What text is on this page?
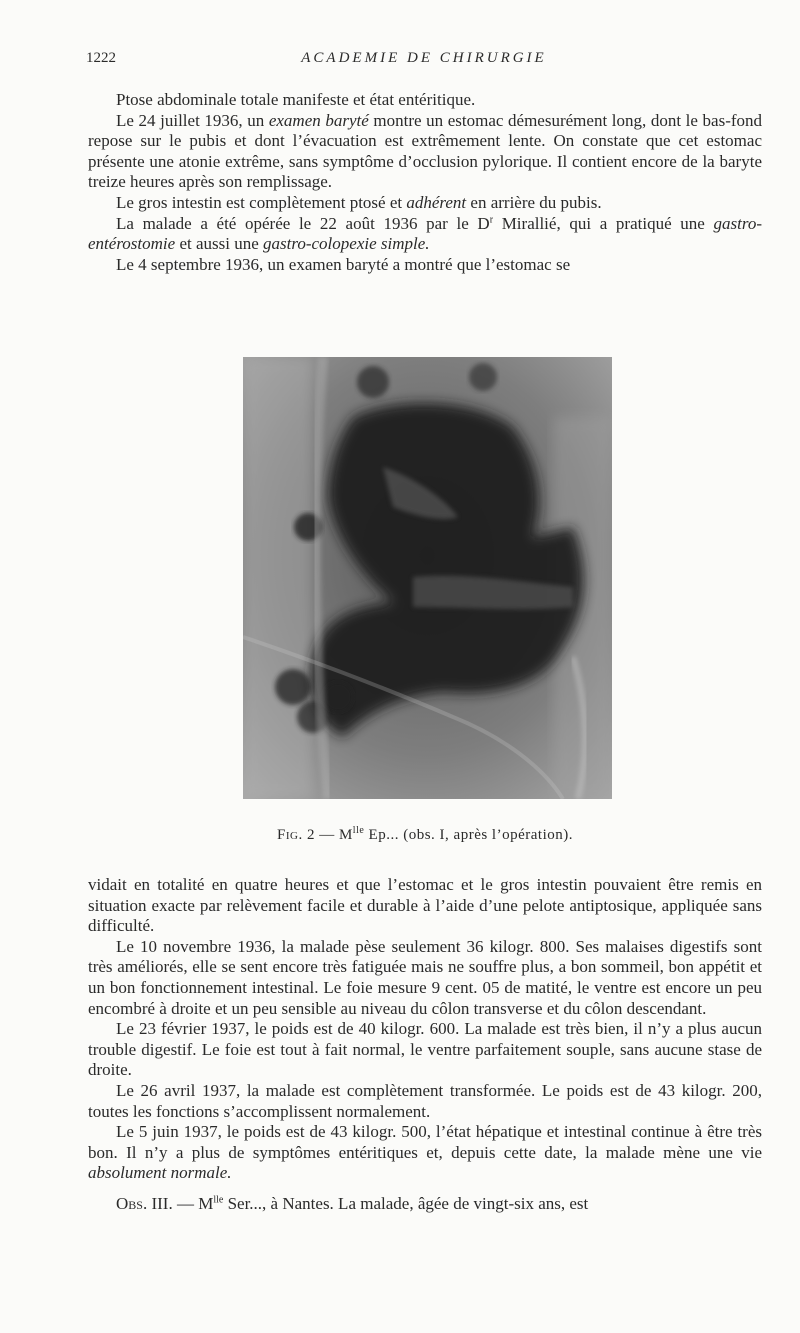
1222	ACADEMIE DE CHIRURGIE

Ptose abdominale totale manifeste et état entéritique.

Le 24 juillet 1936, un examen baryté montre un estomac démesurément long, dont le bas-fond repose sur le pubis et dont l’évacuation est extrêmement lente. On constate que cet estomac présente une atonie extrême, sans symptôme d’occlusion pylorique. Il contient encore de la baryte treize heures après son remplissage.

Le gros intestin est complètement ptosé et adhérent en arrière du pubis.

La malade a été opérée le 22 août 1936 par le $D^r$ Mirallié, qui a pratiqué une gastro-entérostomie et aussi une gastro-colopexie simple.

Le 4 septembre 1936, un examen baryté a montré que l’estomac se

Fig. 2 — $M^{lle}$ Ep... (obs. I, après l’opération).

vidait en totalité en quatre heures et que l’estomac et le gros intestin pouvaient être remis en situation exacte par relèvement facile et durable à l’aide d’une pelote antiptosique, appliquée sans difficulté.

Le 10 novembre 1936, la malade pèse seulement 36 kilogr. 800. Ses malaises digestifs sont très améliorés, elle se sent encore très fatiguée mais ne souffre plus, a bon sommeil, bon appétit et un bon fonctionnement intestinal. Le foie mesure 9 cent. 05 de matité, le ventre est encore un peu encombré à droite et un peu sensible au niveau du côlon transverse et du côlon descendant.

Le 23 février 1937, le poids est de 40 kilogr. 600. La malade est très bien, il n’y a plus aucun trouble digestif. Le foie est tout à fait normal, le ventre parfaitement souple, sans aucune stase de droite.

Le 26 avril 1937, la malade est complètement transformée. Le poids est de 43 kilogr. 200, toutes les fonctions s’accomplissent normalement.

Le 5 juin 1937, le poids est de 43 kilogr. 500, l’état hépatique et intestinal continue à être très bon. Il n’y a plus de symptômes entéritiques et, depuis cette date, la malade mène une vie absolument normale.

Obs. III. — $M^{lle}$ Ser..., à Nantes. La malade, âgée de vingt-six ans, est
